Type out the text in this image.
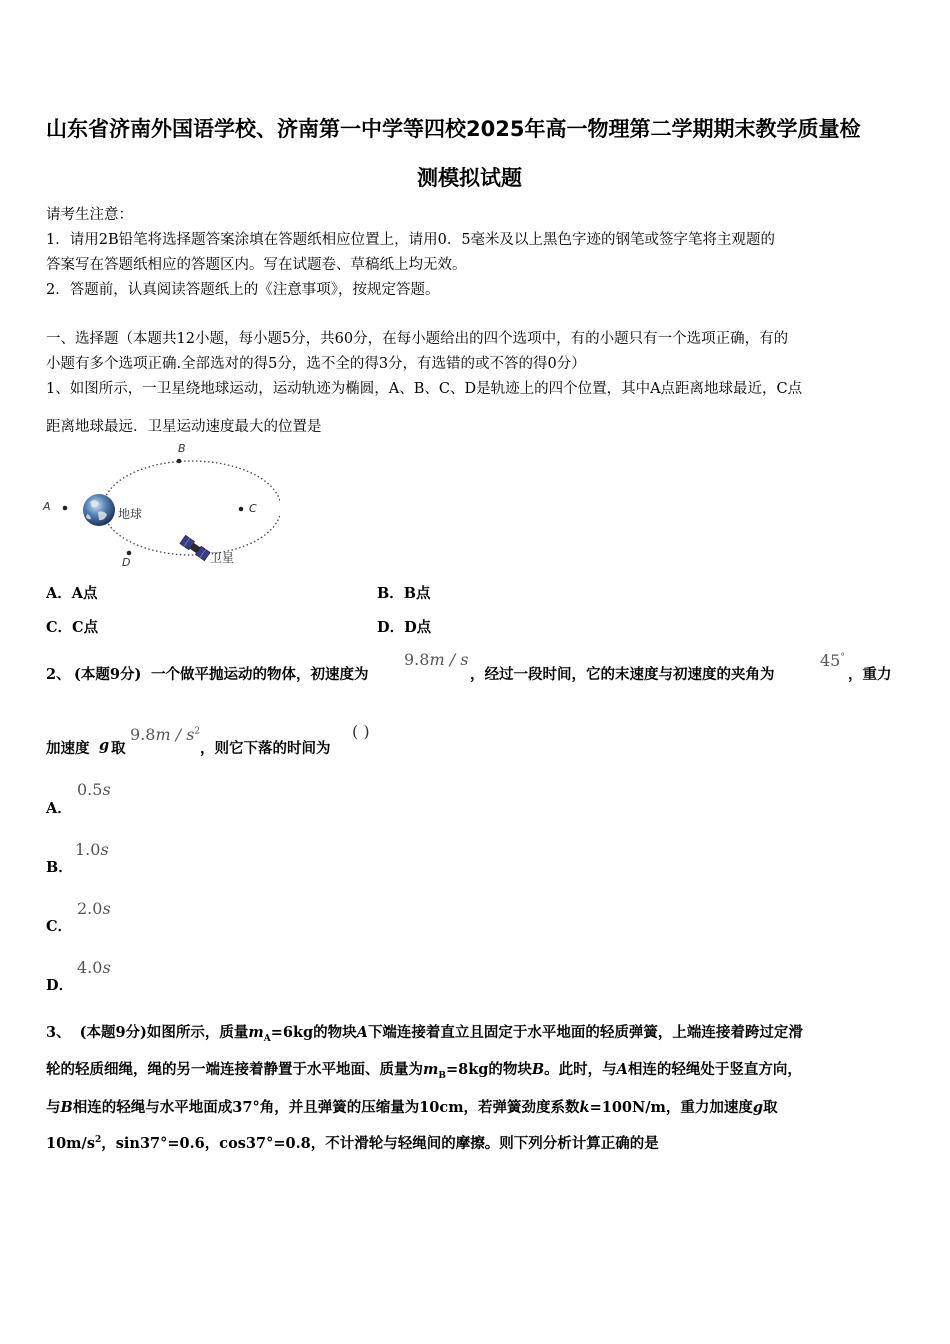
山东省济南外国语学校、济南第一中学等四校2025年高一物理第二学期期末教学质量检
测模拟试题
请考生注意：
1．请用2B铅笔将选择题答案涂填在答题纸相应位置上，请用0．5毫米及以上黑色字迹的钢笔或签字笔将主观题的
答案写在答题纸相应的答题区内。写在试题卷、草稿纸上均无效。
2．答题前，认真阅读答题纸上的《注意事项》，按规定答题。
一、选择题（本题共12小题，每小题5分，共60分，在每小题给出的四个选项中，有的小题只有一个选项正确，有的
小题有多个选项正确.全部选对的得5分，选不全的得3分，有选错的或不答的得0分）
1、如图所示，一卫星绕地球运动，运动轨迹为椭圆，A、B、C、D是轨迹上的四个位置，其中A点距离地球最近，C点
距离地球最远．卫星运动速度最大的位置是
A
B
C
D
地球
卫星
A．A点	B．B点
C．C点	D．D点
2、 (本题9分) 一个做平抛运动的物体，初速度为
9.8m / s
，经过一段时间，它的末速度与初速度的夹角为
45°
，重力
加速度 g 取
$9.8m / s^2$
，则它下落的时间为
( )
A．
0.5s
B．
1.0s
C．
2.0s
D．
4.0s
3、 (本题9分)如图所示，质量$m_A=6kg$的物块A下端连接着直立且固定于水平地面的轻质弹簧，上端连接着跨过定滑
轮的轻质细绳，绳的另一端连接着静置于水平地面、质量为$m_B=8kg$的物块B。此时，与A相连的轻绳处于竖直方向，
与B相连的轻绳与水平地面成37°角，并且弹簧的压缩量为10cm，若弹簧劲度系数k=100N/m，重力加速度g取
$10m/s^2$，sin37°=0.6，cos37°=0.8，不计滑轮与轻绳间的摩擦。则下列分析计算正确的是
